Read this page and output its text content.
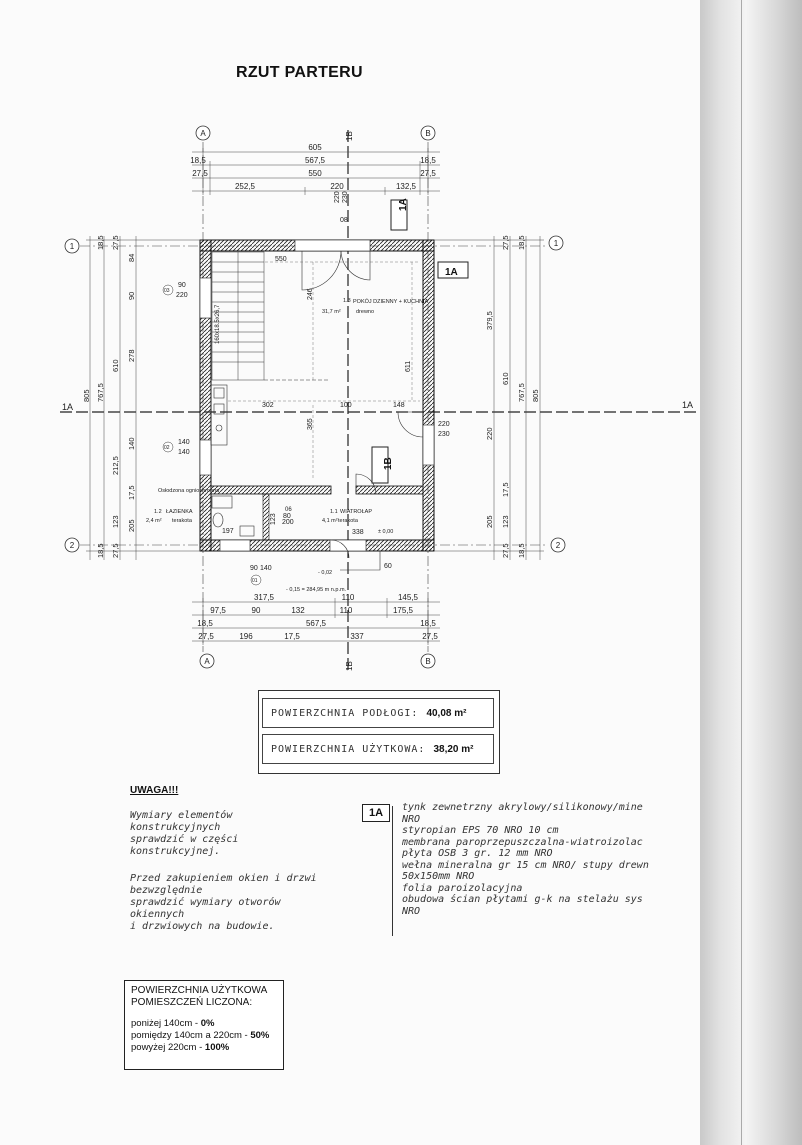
RZUT PARTERU
A	B
A	B
1
2
1
2
1A	1A
1B
1B
605
18,5	567,5	18,5
27,5	550	27,5
252,5	220	132,5
220 230
1A
160x18.5x26,7
550
246
611
302	100	148
365
197
123
338
60
1.3 POKÓJ DZIENNY + KUCHNIA
31,7 m²	drewno
1.2 ŁAZIENKA
2,4 m² terakota
1.1 WIATROŁAP
4,1 m² terakota
Osłodzona ogniochronna
± 0,00
- 0,02
- 0,15 = 284,95 m n.p.m.
1A
1B
03
90
220
02
140
140
220
230
06
80
200
01
90 140
08
317,5	110	145,5
97,5	90	132	110	175,5
18,5	567,5	18,5
27,5	196	17,5	337	27,5
805 767,5
610
278
140
212,5
123
17,5
18,5 27,5
84
90
18,5 27,5
205
805
767,5
610
379,5
220
17,5
123
205
27,5 18,5
18,5
27,5
POWIERZCHNIA PODŁOGI: 40,08 m²
POWIERZCHNIA UŻYTKOWA: 38,20 m²
UWAGA!!!
Wymiary elementów
konstrukcyjnych
sprawdzić w części
konstrukcyjnej.
Przed zakupieniem okien i drzwi
bezwzględnie
sprawdzić wymiary otworów
okiennych
i drzwiowych na budowie.
1A	tynk zewnetrzny akrylowy/silikonowy/mine
NRO
styropian EPS 70 NRO 10 cm
membrana paroprzepuszczalna-wiatroizolac
płyta OSB 3 gr. 12 mm NRO
wełna mineralna gr 15 cm NRO/ stupy drewn
50x150mm NRO
folia paroizolacyjna
obudowa ścian płytami g-k na stelażu sys
NRO
POWIERZCHNIA UŻYTKOWA
POMIESZCZEŃ LICZONA:
poniżej 140cm - 0%
pomiędzy 140cm a 220cm - 50%
powyżej 220cm - 100%
